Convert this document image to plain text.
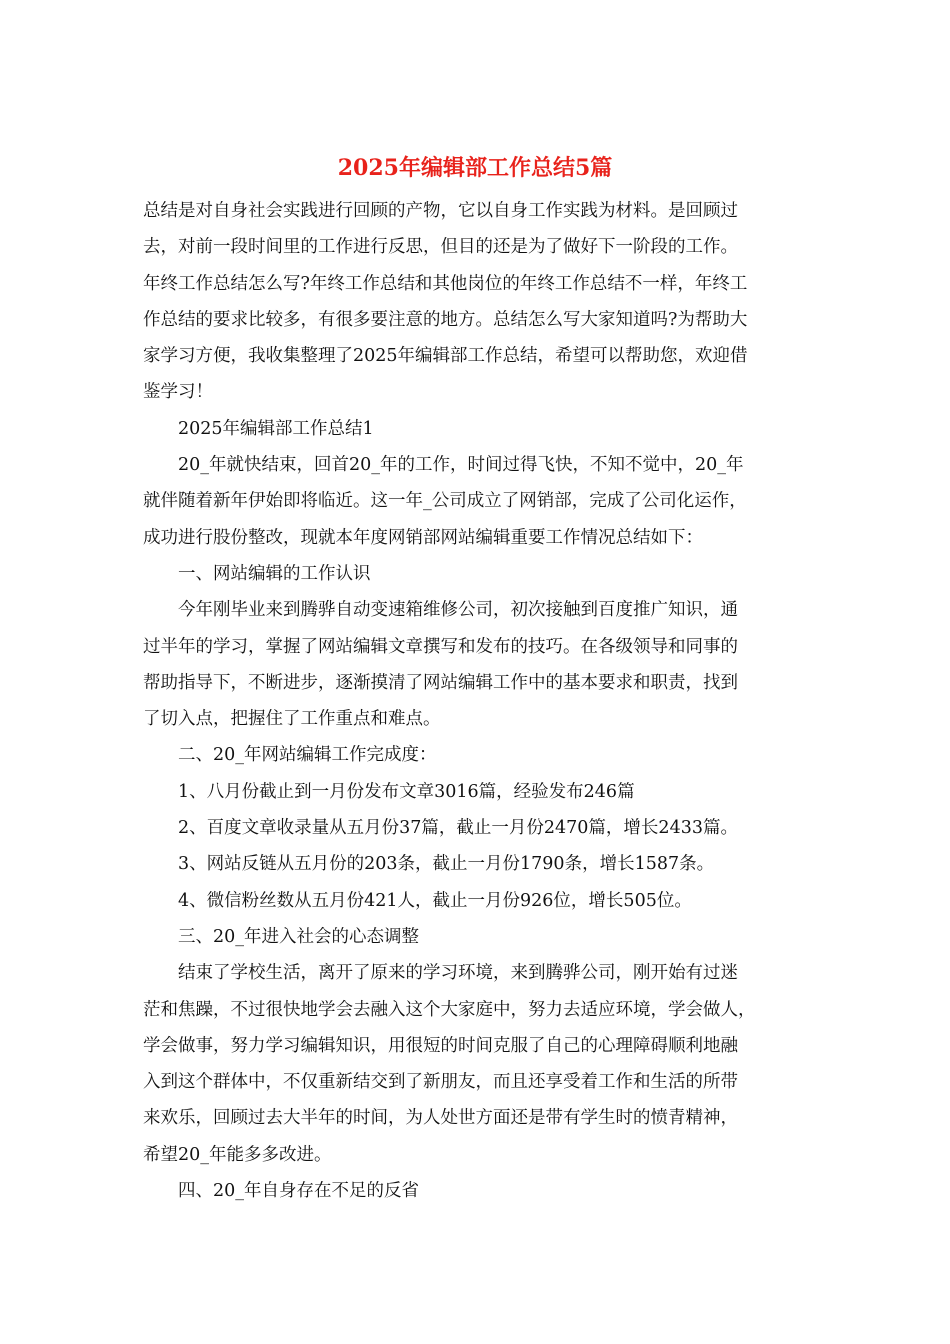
2025年编辑部工作总结5篇

总结是对自身社会实践进行回顾的产物，它以自身工作实践为材料。是回顾过

去，对前一段时间里的工作进行反思，但目的还是为了做好下一阶段的工作。

年终工作总结怎么写?年终工作总结和其他岗位的年终工作总结不一样，年终工

作总结的要求比较多，有很多要注意的地方。总结怎么写大家知道吗?为帮助大

家学习方便，我收集整理了2025年编辑部工作总结，希望可以帮助您，欢迎借

鉴学习！

2025年编辑部工作总结1

20_年就快结束，回首20_年的工作，时间过得飞快，不知不觉中，20_年

就伴随着新年伊始即将临近。这一年_公司成立了网销部，完成了公司化运作，

成功进行股份整改，现就本年度网销部网站编辑重要工作情况总结如下：

一、网站编辑的工作认识

今年刚毕业来到腾骅自动变速箱维修公司，初次接触到百度推广知识，通

过半年的学习，掌握了网站编辑文章撰写和发布的技巧。在各级领导和同事的

帮助指导下，不断进步，逐渐摸清了网站编辑工作中的基本要求和职责，找到

了切入点，把握住了工作重点和难点。

二、20_年网站编辑工作完成度：

1、八月份截止到一月份发布文章3016篇，经验发布246篇

2、百度文章收录量从五月份37篇，截止一月份2470篇，增长2433篇。

3、网站反链从五月份的203条，截止一月份1790条，增长1587条。

4、微信粉丝数从五月份421人，截止一月份926位，增长505位。

三、20_年进入社会的心态调整

结束了学校生活，离开了原来的学习环境，来到腾骅公司，刚开始有过迷

茫和焦躁，不过很快地学会去融入这个大家庭中，努力去适应环境，学会做人，

学会做事，努力学习编辑知识，用很短的时间克服了自己的心理障碍顺利地融

入到这个群体中，不仅重新结交到了新朋友，而且还享受着工作和生活的所带

来欢乐，回顾过去大半年的时间，为人处世方面还是带有学生时的愤青精神，

希望20_年能多多改进。

四、20_年自身存在不足的反省
